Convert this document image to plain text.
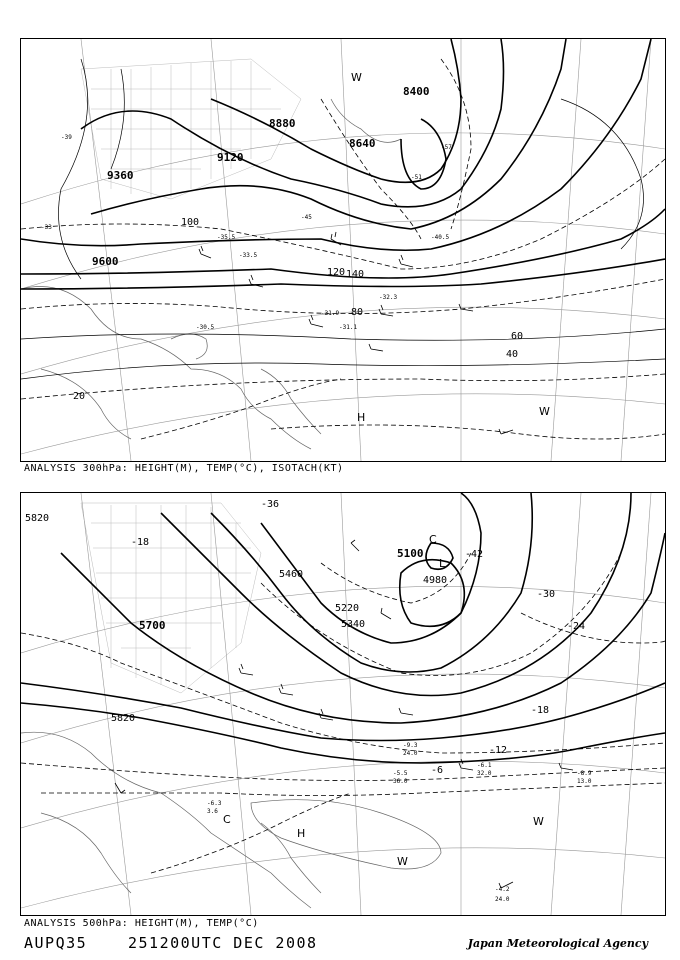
8400
8880
8640
9120
9360
9600
20
40
60
80
100
120 140
H
W
W
-39
-45
-51
-57
-33
-30.5	-31.1
-31.9
-32.3
-33.5
-35.5	-40.5
ANALYSIS 300hPa: HEIGHT(M), TEMP(°C), ISOTACH(KT)
5820
5700
5460
5220
5340
5100
4980
5820
-36
-30
-24
-18
-12
-6
-42
-18
L
C
H
C	W
W
-4.2
24.0
-6.3
3.6
-8.9
13.0
-6.1
32.0
-5.5
36.0
-9.3
24.0
ANALYSIS 500hPa: HEIGHT(M), TEMP(°C)
AUPQ35	251200UTC DEC 2008	Japan Meteorological Agency
